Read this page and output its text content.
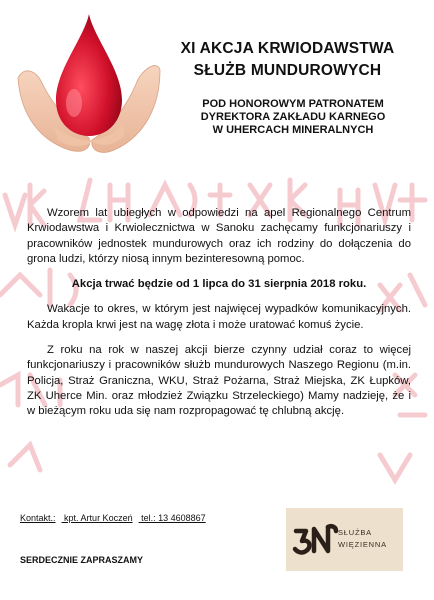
XI AKCJA KRWIODAWSTWA
SŁUŻB MUNDUROWYCH
POD HONOROWYM PATRONATEM
DYREKTORA ZAKŁADU KARNEGO
W UHERCACH MINERALNYCH

Wzorem lat ubiegłych w odpowiedzi na apel Regionalnego Centrum Krwiodawstwa i Krwiolecznictwa w Sanoku zachęcamy funkcjonariuszy i pracowników jednostek mundurowych oraz ich rodziny do dołączenia do grona ludzi, którzy niosą innym bezinteresowną pomoc.

Akcja trwać będzie od 1 lipca do 31 sierpnia 2018 roku.

Wakacje to okres, w którym jest najwięcej wypadków komunikacyjnych. Każda kropla krwi jest na wagę złota i może uratować komuś życie.

Z roku na rok w naszej akcji bierze czynny udział coraz to więcej funkcjonariuszy i pracowników służb mundurowych Naszego Regionu (m.in. Policja, Straż Graniczna, WKU, Straż Pożarna, Straż Miejska, ZK Łupków, ZK Uherce Min. oraz młodzież Związku Strzeleckiego) Mamy nadzieję, że i w bieżącym roku uda się nam rozpropagować tę chlubną akcję.

Kontakt.: kpt. Artur Koczeń tel.: 13 4608867
SERDECZNIE ZAPRASZAMY
SŁUŻBA
WIĘZIENNA
